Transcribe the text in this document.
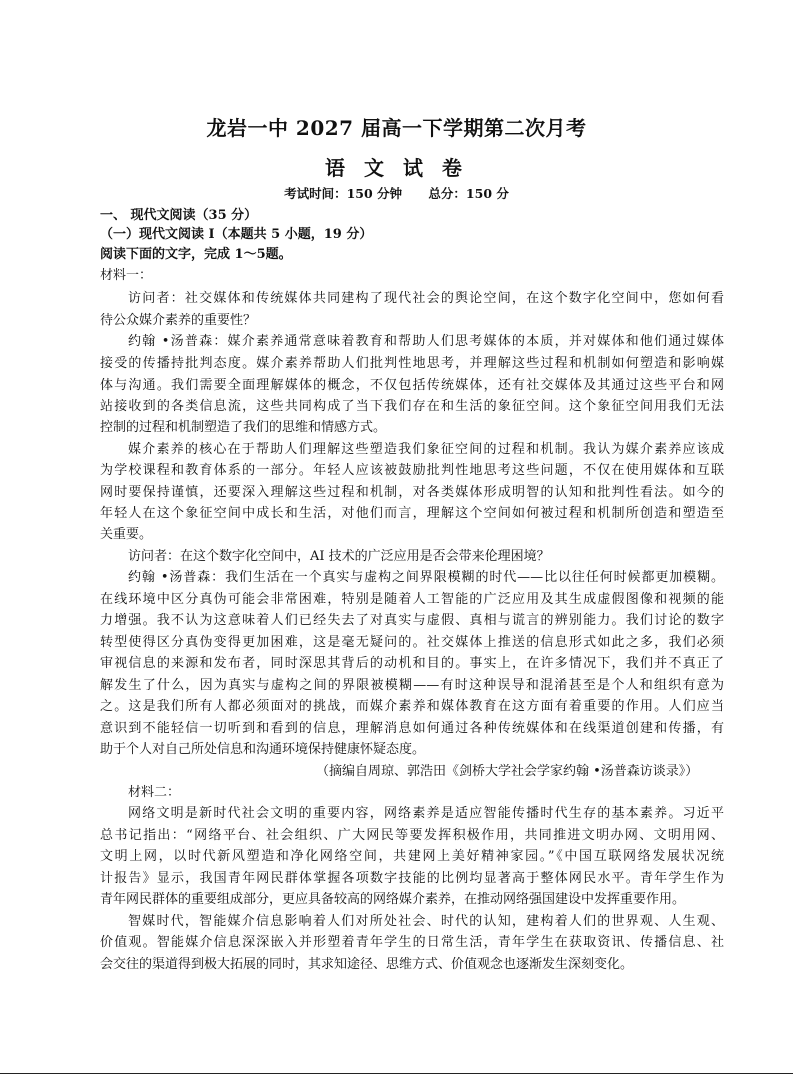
龙岩一中 2027 届高一下学期第二次月考
语 文 试 卷
考试时间：150 分钟 总分：150 分
一、 现代文阅读（35 分）
（一）现代文阅读 I（本题共 5 小题，19 分）
阅读下面的文字，完成 1～5题。
材料一：
访问者：社交媒体和传统媒体共同建构了现代社会的舆论空间，在这个数字化空间中，您如何看
待公众媒介素养的重要性？
约翰 •汤普森：媒介素养通常意味着教育和帮助人们思考媒体的本质，并对媒体和他们通过媒体
接受的传播持批判态度。媒介素养帮助人们批判性地思考，并理解这些过程和机制如何塑造和影响媒
体与沟通。我们需要全面理解媒体的概念，不仅包括传统媒体，还有社交媒体及其通过这些平台和网
站接收到的各类信息流，这些共同构成了当下我们存在和生活的象征空间。这个象征空间用我们无法
控制的过程和机制塑造了我们的思维和情感方式。
媒介素养的核心在于帮助人们理解这些塑造我们象征空间的过程和机制。我认为媒介素养应该成
为学校课程和教育体系的一部分。年轻人应该被鼓励批判性地思考这些问题，不仅在使用媒体和互联
网时要保持谨慎，还要深入理解这些过程和机制，对各类媒体形成明智的认知和批判性看法。如今的
年轻人在这个象征空间中成长和生活，对他们而言，理解这个空间如何被过程和机制所创造和塑造至
关重要。
访问者：在这个数字化空间中，AI 技术的广泛应用是否会带来伦理困境？
约翰 •汤普森：我们生活在一个真实与虚构之间界限模糊的时代——比以往任何时候都更加模糊。
在线环境中区分真伪可能会非常困难，特别是随着人工智能的广泛应用及其生成虚假图像和视频的能
力增强。我不认为这意味着人们已经失去了对真实与虚假、真相与谎言的辨别能力。我们讨论的数字
转型使得区分真伪变得更加困难，这是毫无疑问的。社交媒体上推送的信息形式如此之多，我们必须
审视信息的来源和发布者，同时深思其背后的动机和目的。事实上，在许多情况下，我们并不真正了
解发生了什么，因为真实与虚构之间的界限被模糊——有时这种误导和混淆甚至是个人和组织有意为
之。这是我们所有人都必须面对的挑战，而媒介素养和媒体教育在这方面有着重要的作用。人们应当
意识到不能轻信一切听到和看到的信息，理解消息如何通过各种传统媒体和在线渠道创建和传播，有
助于个人对自己所处信息和沟通环境保持健康怀疑态度。
（摘编自周琼、郭浩田《剑桥大学社会学家约翰 •汤普森访谈录》）
材料二：
网络文明是新时代社会文明的重要内容，网络素养是适应智能传播时代生存的基本素养。习近平
总书记指出：“网络平台、社会组织、广大网民等要发挥积极作用，共同推进文明办网、文明用网、
文明上网，以时代新风塑造和净化网络空间，共建网上美好精神家园。”《中国互联网络发展状况统
计报告》显示，我国青年网民群体掌握各项数字技能的比例均显著高于整体网民水平。青年学生作为
青年网民群体的重要组成部分，更应具备较高的网络媒介素养，在推动网络强国建设中发挥重要作用。
智媒时代，智能媒介信息影响着人们对所处社会、时代的认知，建构着人们的世界观、人生观、
价值观。智能媒介信息深深嵌入并形塑着青年学生的日常生活，青年学生在获取资讯、传播信息、社
会交往的渠道得到极大拓展的同时，其求知途径、思维方式、价值观念也逐渐发生深刻变化。
